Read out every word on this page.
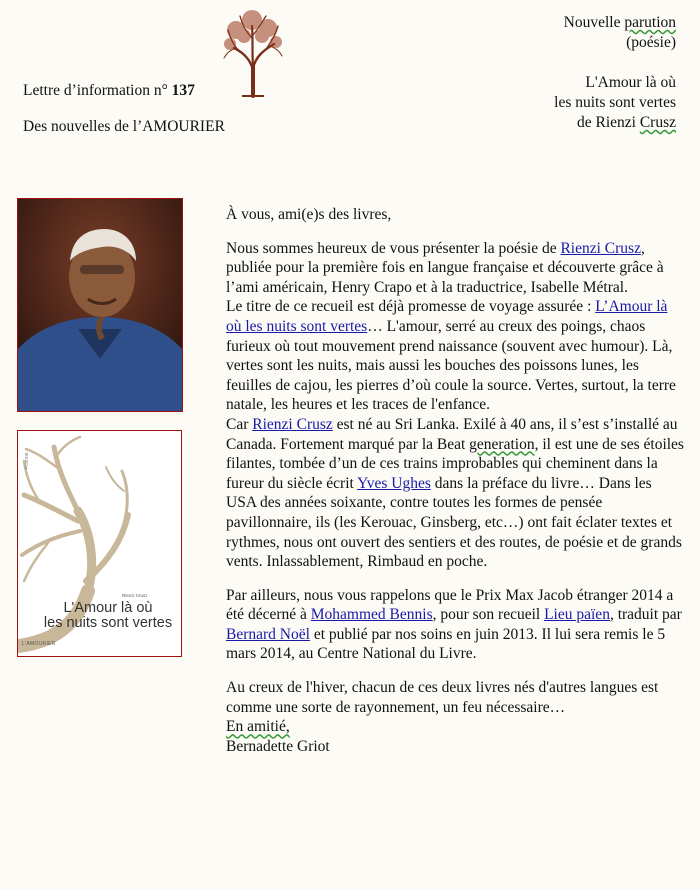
Lettre d’information n° 137
Des nouvelles de l’AMOURIER
Nouvelle parution
(poésie)
L'Amour là où
les nuits sont vertes
de Rienzi Crusz
POÉSIE
Rienzi Crusz
L'Amour là où
les nuits sont vertes
L'AMOURIER

À vous, ami(e)s des livres,

Nous sommes heureux de vous présenter la poésie de Rienzi Crusz, publiée pour la première fois en langue française et découverte grâce à l’ami américain, Henry Crapo et à la traductrice, Isabelle Métral.

Le titre de ce recueil est déjà promesse de voyage assurée : L’Amour là où les nuits sont vertes… L'amour, serré au creux des poings, chaos furieux où tout mouvement prend naissance (souvent avec humour). Là, vertes sont les nuits, mais aussi les bouches des poissons lunes, les feuilles de cajou, les pierres d’où coule la source. Vertes, surtout, la terre natale, les heures et les traces de l'enfance.

Car Rienzi Crusz est né au Sri Lanka. Exilé à 40 ans, il s’est s’installé au Canada. Fortement marqué par la Beat generation, il est une de ses étoiles filantes, tombée d’un de ces trains improbables qui cheminent dans la fureur du siècle écrit Yves Ughes dans la préface du livre… Dans les USA des années soixante, contre toutes les formes de pensée pavillonnaire, ils (les Kerouac, Ginsberg, etc…) ont fait éclater textes et rythmes, nous ont ouvert des sentiers et des routes, de poésie et de grands vents. Inlassablement, Rimbaud en poche.

Par ailleurs, nous vous rappelons que le Prix Max Jacob étranger 2014 a été décerné à Mohammed Bennis, pour son recueil Lieu païen, traduit par Bernard Noël et publié par nos soins en juin 2013. Il lui sera remis le 5 mars 2014, au Centre National du Livre.

Au creux de l'hiver, chacun de ces deux livres nés d'autres langues est comme une sorte de rayonnement, un feu nécessaire…

En amitié,

Bernadette Griot
